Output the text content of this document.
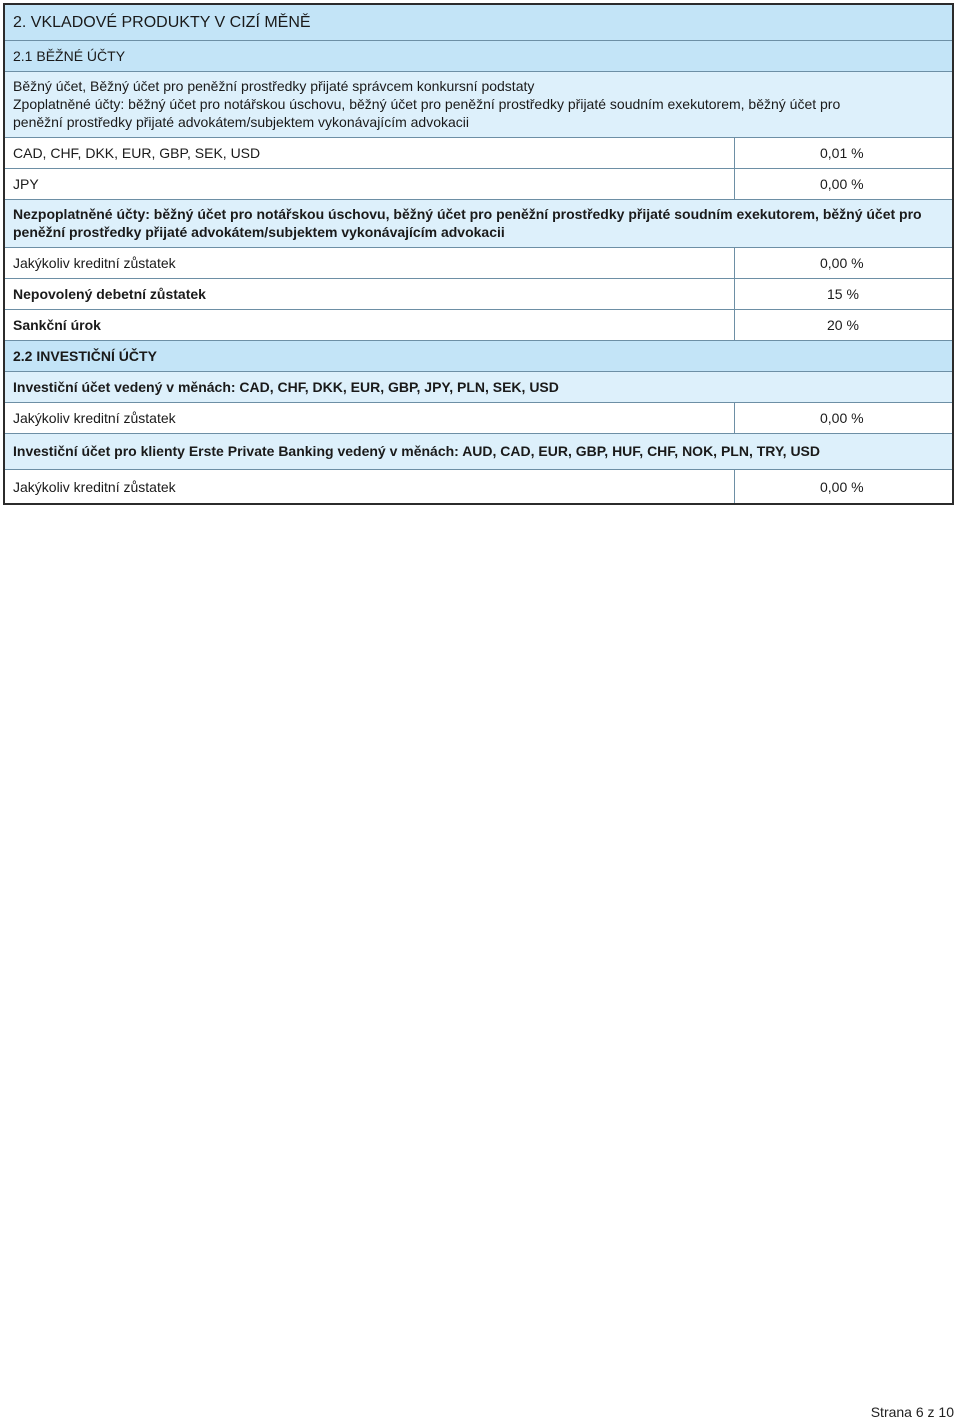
2. VKLADOVÉ PRODUKTY V CIZÍ MĚNĚ
2.1 BĚŽNÉ ÚČTY
Běžný účet, Běžný účet pro peněžní prostředky přijaté správcem konkursní podstaty
Zpoplatněné účty: běžný účet pro notářskou úschovu, běžný účet pro peněžní prostředky přijaté soudním exekutorem, běžný účet pro
peněžní prostředky přijaté advokátem/subjektem vykonávajícím advokacii
CAD, CHF, DKK, EUR, GBP, SEK, USD	0,01 %
JPY	0,00 %
Nezpoplatněné účty: běžný účet pro notářskou úschovu, běžný účet pro peněžní prostředky přijaté soudním exekutorem, běžný účet pro
peněžní prostředky přijaté advokátem/subjektem vykonávajícím advokacii
Jakýkoliv kreditní zůstatek	0,00 %
Nepovolený debetní zůstatek	15 %
Sankční úrok	20 %
2.2 INVESTIČNÍ ÚČTY
Investiční účet vedený v měnách: CAD, CHF, DKK, EUR, GBP, JPY, PLN, SEK, USD
Jakýkoliv kreditní zůstatek	0,00 %
Investiční účet pro klienty Erste Private Banking vedený v měnách: AUD, CAD, EUR, GBP, HUF, CHF, NOK, PLN, TRY, USD
Jakýkoliv kreditní zůstatek	0,00 %
Strana 6 z 10
